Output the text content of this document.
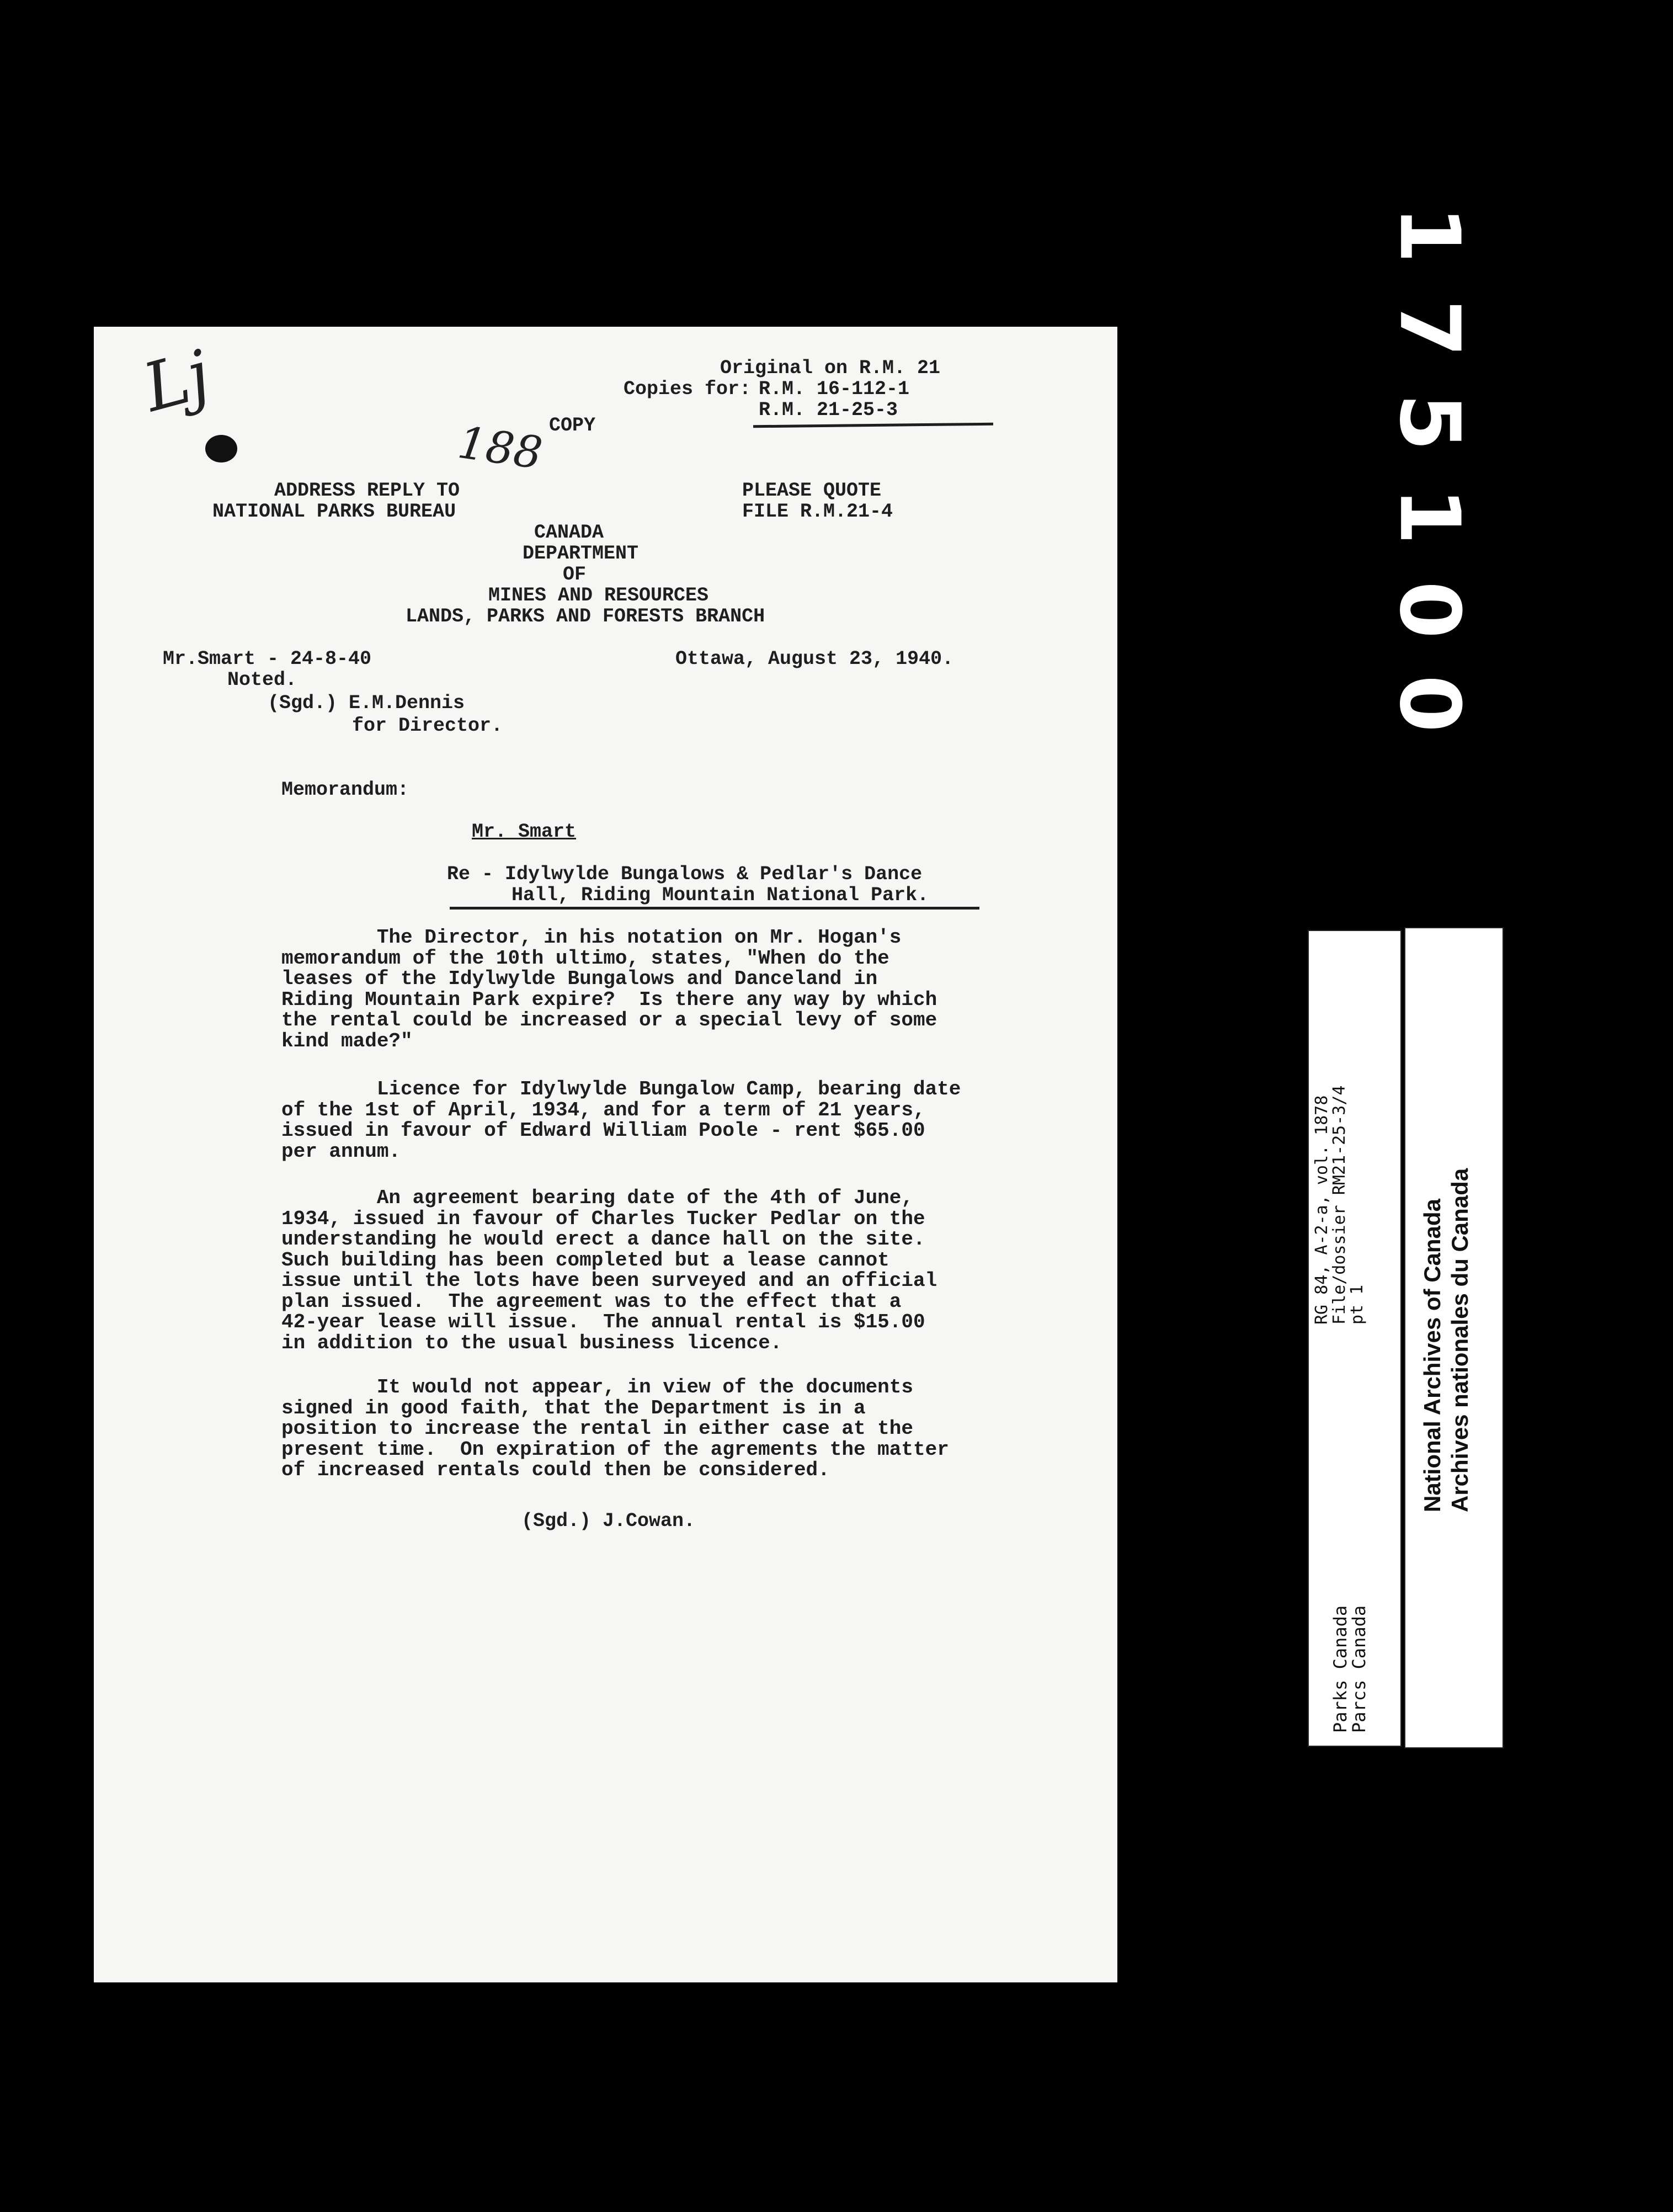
Original on R.M. 21
Copies for: R.M. 16-112-1
R.M. 21-25-3
COPY
Lj
188
ADDRESS REPLY TO
NATIONAL PARKS BUREAU
PLEASE QUOTE
FILE R.M.21-4
CANADA
DEPARTMENT
OF
MINES AND RESOURCES
LANDS, PARKS AND FORESTS BRANCH
Mr.Smart - 24-8-40
Noted.
(Sgd.) E.M.Dennis
for Director.
Ottawa, August 23, 1940.
Memorandum:
Mr. Smart
Re - Idylwylde Bungalows & Pedlar's Dance
Hall, Riding Mountain National Park.
The Director, in his notation on Mr. Hogan's
memorandum of the 10th ultimo, states, "When do the
leases of the Idylwylde Bungalows and Danceland in
Riding Mountain Park expire?  Is there any way by which
the rental could be increased or a special levy of some
kind made?"
Licence for Idylwylde Bungalow Camp, bearing date
of the 1st of April, 1934, and for a term of 21 years,
issued in favour of Edward William Poole - rent $65.00
per annum.
An agreement bearing date of the 4th of June,
1934, issued in favour of Charles Tucker Pedlar on the
understanding he would erect a dance hall on the site.
Such building has been completed but a lease cannot
issue until the lots have been surveyed and an official
plan issued.  The agreement was to the effect that a
42-year lease will issue.  The annual rental is $15.00
in addition to the usual business licence.
It would not appear, in view of the documents
signed in good faith, that the Department is in a
position to increase the rental in either case at the
present time.  On expiration of the agrements the matter
of increased rentals could then be considered.
(Sgd.) J.Cowan.
1
7
5
1
0
0
RG 84, A-2-a, vol. 1878
File/dossier RM21-25-3/4
pt 1
Parks Canada
Parcs Canada
National Archives of Canada Archives nationales du Canada
